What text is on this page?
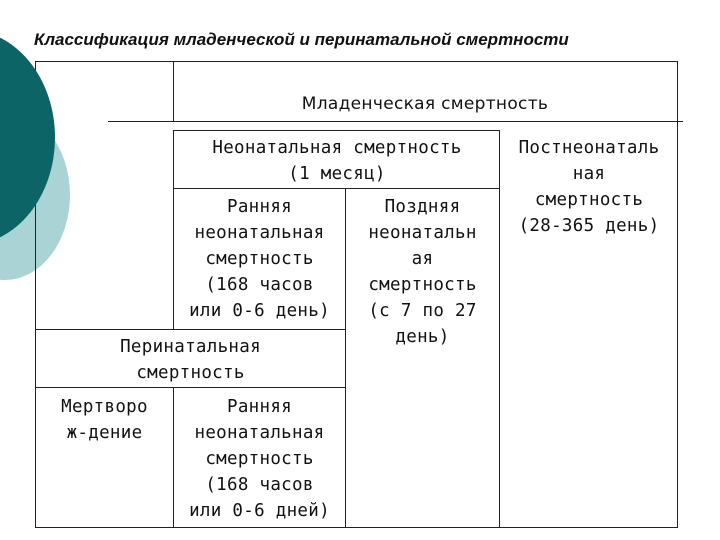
Классификация младенческой и перинатальной смертности
Младенческая смертность
Неонатальная смертность
(1 месяц)
Постнеонаталь
ная
смертность
(28-365 день)
Ранняя
неонатальная
смертность
(168 часов
или 0-6 день)
Поздняя
неонатальн
ая
смертность
(с 7 по 27
день)
Перинатальная
смертность
Мертворо
ж-дение
Ранняя
неонатальная
смертность
(168 часов
или 0-6 дней)
